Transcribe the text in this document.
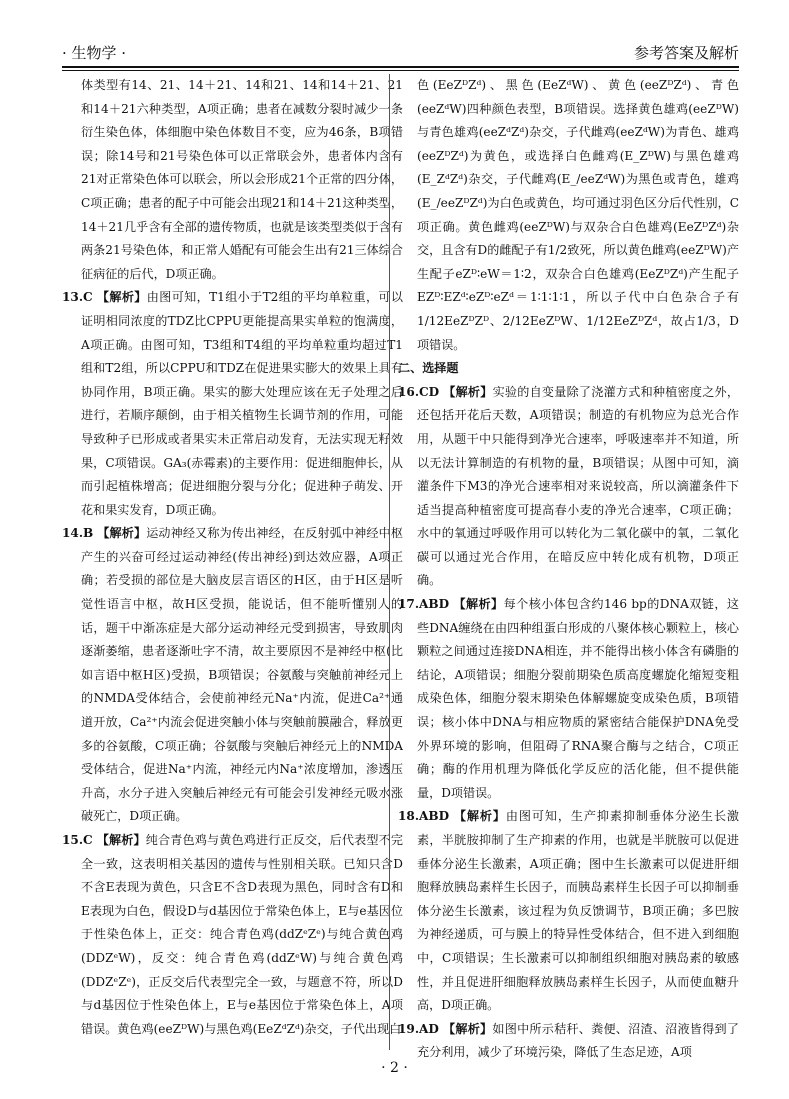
· 生物学 ·	参考答案及解析

体类型有14、21、14＋21、14和21、14和14＋21、21和14＋21六种类型，A项正确；患者在减数分裂时减少一条衍生染色体，体细胞中染色体数目不变，应为46条，B项错误；除14号和21号染色体可以正常联会外，患者体内含有21对正常染色体可以联会，所以会形成21个正常的四分体，C项正确；患者的配子中可能会出现21和14＋21这种类型，14＋21几乎含有全部的遗传物质，也就是该类型类似于含有两条21号染色体，和正常人婚配有可能会生出有21三体综合征病征的后代，D项正确。

13.C 【解析】由图可知，T1组小于T2组的平均单粒重，可以证明相同浓度的TDZ比CPPU更能提高果实单粒的饱满度，A项正确。由图可知，T3组和T4组的平均单粒重均超过T1组和T2组，所以CPPU和TDZ在促进果实膨大的效果上具有协同作用，B项正确。果实的膨大处理应该在无子处理之后进行，若顺序颠倒，由于相关植物生长调节剂的作用，可能导致种子已形成或者果实未正常启动发育，无法实现无籽效果，C项错误。GA₃(赤霉素)的主要作用：促进细胞伸长，从而引起植株增高；促进细胞分裂与分化；促进种子萌发、开花和果实发育，D项正确。

14.B 【解析】运动神经又称为传出神经，在反射弧中神经中枢产生的兴奋可经过运动神经(传出神经)到达效应器，A项正确；若受损的部位是大脑皮层言语区的H区，由于H区是听觉性语言中枢，故H区受损，能说话，但不能听懂别人的话，题干中渐冻症是大部分运动神经元受到损害，导致肌肉逐渐萎缩，患者逐渐吐字不清，故主要原因不是神经中枢(比如言语中枢H区)受损，B项错误；谷氨酸与突触前神经元上的NMDA受体结合，会使前神经元Na⁺内流，促进Ca²⁺通道开放，Ca²⁺内流会促进突触小体与突触前膜融合，释放更多的谷氨酸，C项正确；谷氨酸与突触后神经元上的NMDA受体结合，促进Na⁺内流，神经元内Na⁺浓度增加，渗透压升高，水分子进入突触后神经元有可能会引发神经元吸水涨破死亡，D项正确。

15.C 【解析】纯合青色鸡与黄色鸡进行正反交，后代表型不完全一致，这表明相关基因的遗传与性别相关联。已知只含D不含E表现为黄色，只含E不含D表现为黑色，同时含有D和E表现为白色，假设D与d基因位于常染色体上，E与e基因位于性染色体上，正交：纯合青色鸡(ddZᵉZᵉ)与纯合黄色鸡(DDZᵉW)，反交：纯合青色鸡(ddZᵉW)与纯合黄色鸡(DDZᵉZᵉ)，正反交后代表型完全一致，与题意不符，所以D与d基因位于性染色体上，E与e基因位于常染色体上，A项错误。黄色鸡(eeZᴰW)与黑色鸡(EeZᵈZᵈ)杂交，子代出现白

色(EeZᴰZᵈ)、黑色(EeZᵈW)、黄色(eeZᴰZᵈ)、青色(eeZᵈW)四种颜色表型，B项错误。选择黄色雄鸡(eeZᴰW)与青色雄鸡(eeZᵈZᵈ)杂交，子代雌鸡(eeZᵈW)为青色、雄鸡(eeZᴰZᵈ)为黄色，或选择白色雌鸡(E_ZᴰW)与黑色雄鸡(E_ZᵈZᵈ)杂交，子代雌鸡(E_/eeZᵈW)为黑色或青色，雄鸡(E_/eeZᴰZᵈ)为白色或黄色，均可通过羽色区分后代性别，C项正确。黄色雌鸡(eeZᴰW)与双杂合白色雄鸡(EeZᴰZᵈ)杂交，且含有D的雌配子有1/2致死，所以黄色雌鸡(eeZᴰW)产生配子eZᴰ∶eW＝1∶2，双杂合白色雄鸡(EeZᴰZᵈ)产生配子EZᴰ∶EZᵈ∶eZᴰ∶eZᵈ＝1∶1∶1∶1，所以子代中白色杂合子有1/12EeZᴰZᴰ、2/12EeZᴰW、1/12EeZᴰZᵈ，故占1/3，D项错误。

二、选择题

16.CD 【解析】实验的自变量除了浇灌方式和种植密度之外，还包括开花后天数，A项错误；制造的有机物应为总光合作用，从题干中只能得到净光合速率，呼吸速率并不知道，所以无法计算制造的有机物的量，B项错误；从图中可知，滴灌条件下M3的净光合速率相对来说较高，所以滴灌条件下适当提高种植密度可提高春小麦的净光合速率，C项正确；水中的氧通过呼吸作用可以转化为二氧化碳中的氧，二氧化碳可以通过光合作用，在暗反应中转化成有机物，D项正确。

17.ABD 【解析】每个核小体包含约146 bp的DNA双链，这些DNA缠绕在由四种组蛋白形成的八聚体核心颗粒上，核心颗粒之间通过连接DNA相连，并不能得出核小体含有磷脂的结论，A项错误；细胞分裂前期染色质高度螺旋化缩短变粗成染色体，细胞分裂末期染色体解螺旋变成染色质，B项错误；核小体中DNA与相应物质的紧密结合能保护DNA免受外界环境的影响，但阻碍了RNA聚合酶与之结合，C项正确；酶的作用机理为降低化学反应的活化能，但不提供能量，D项错误。

18.ABD 【解析】由图可知，生产抑素抑制垂体分泌生长激素，半胱胺抑制了生产抑素的作用，也就是半胱胺可以促进垂体分泌生长激素，A项正确；图中生长激素可以促进肝细胞释放胰岛素样生长因子，而胰岛素样生长因子可以抑制垂体分泌生长激素，该过程为负反馈调节，B项正确；多巴胺为神经递质，可与膜上的特异性受体结合，但不进入到细胞中，C项错误；生长激素可以抑制组织细胞对胰岛素的敏感性，并且促进肝细胞释放胰岛素样生长因子，从而使血糖升高，D项正确。

19.AD 【解析】如图中所示秸秆、粪便、沼渣、沼液皆得到了充分利用，减少了环境污染，降低了生态足迹，A项

· 2 ·
